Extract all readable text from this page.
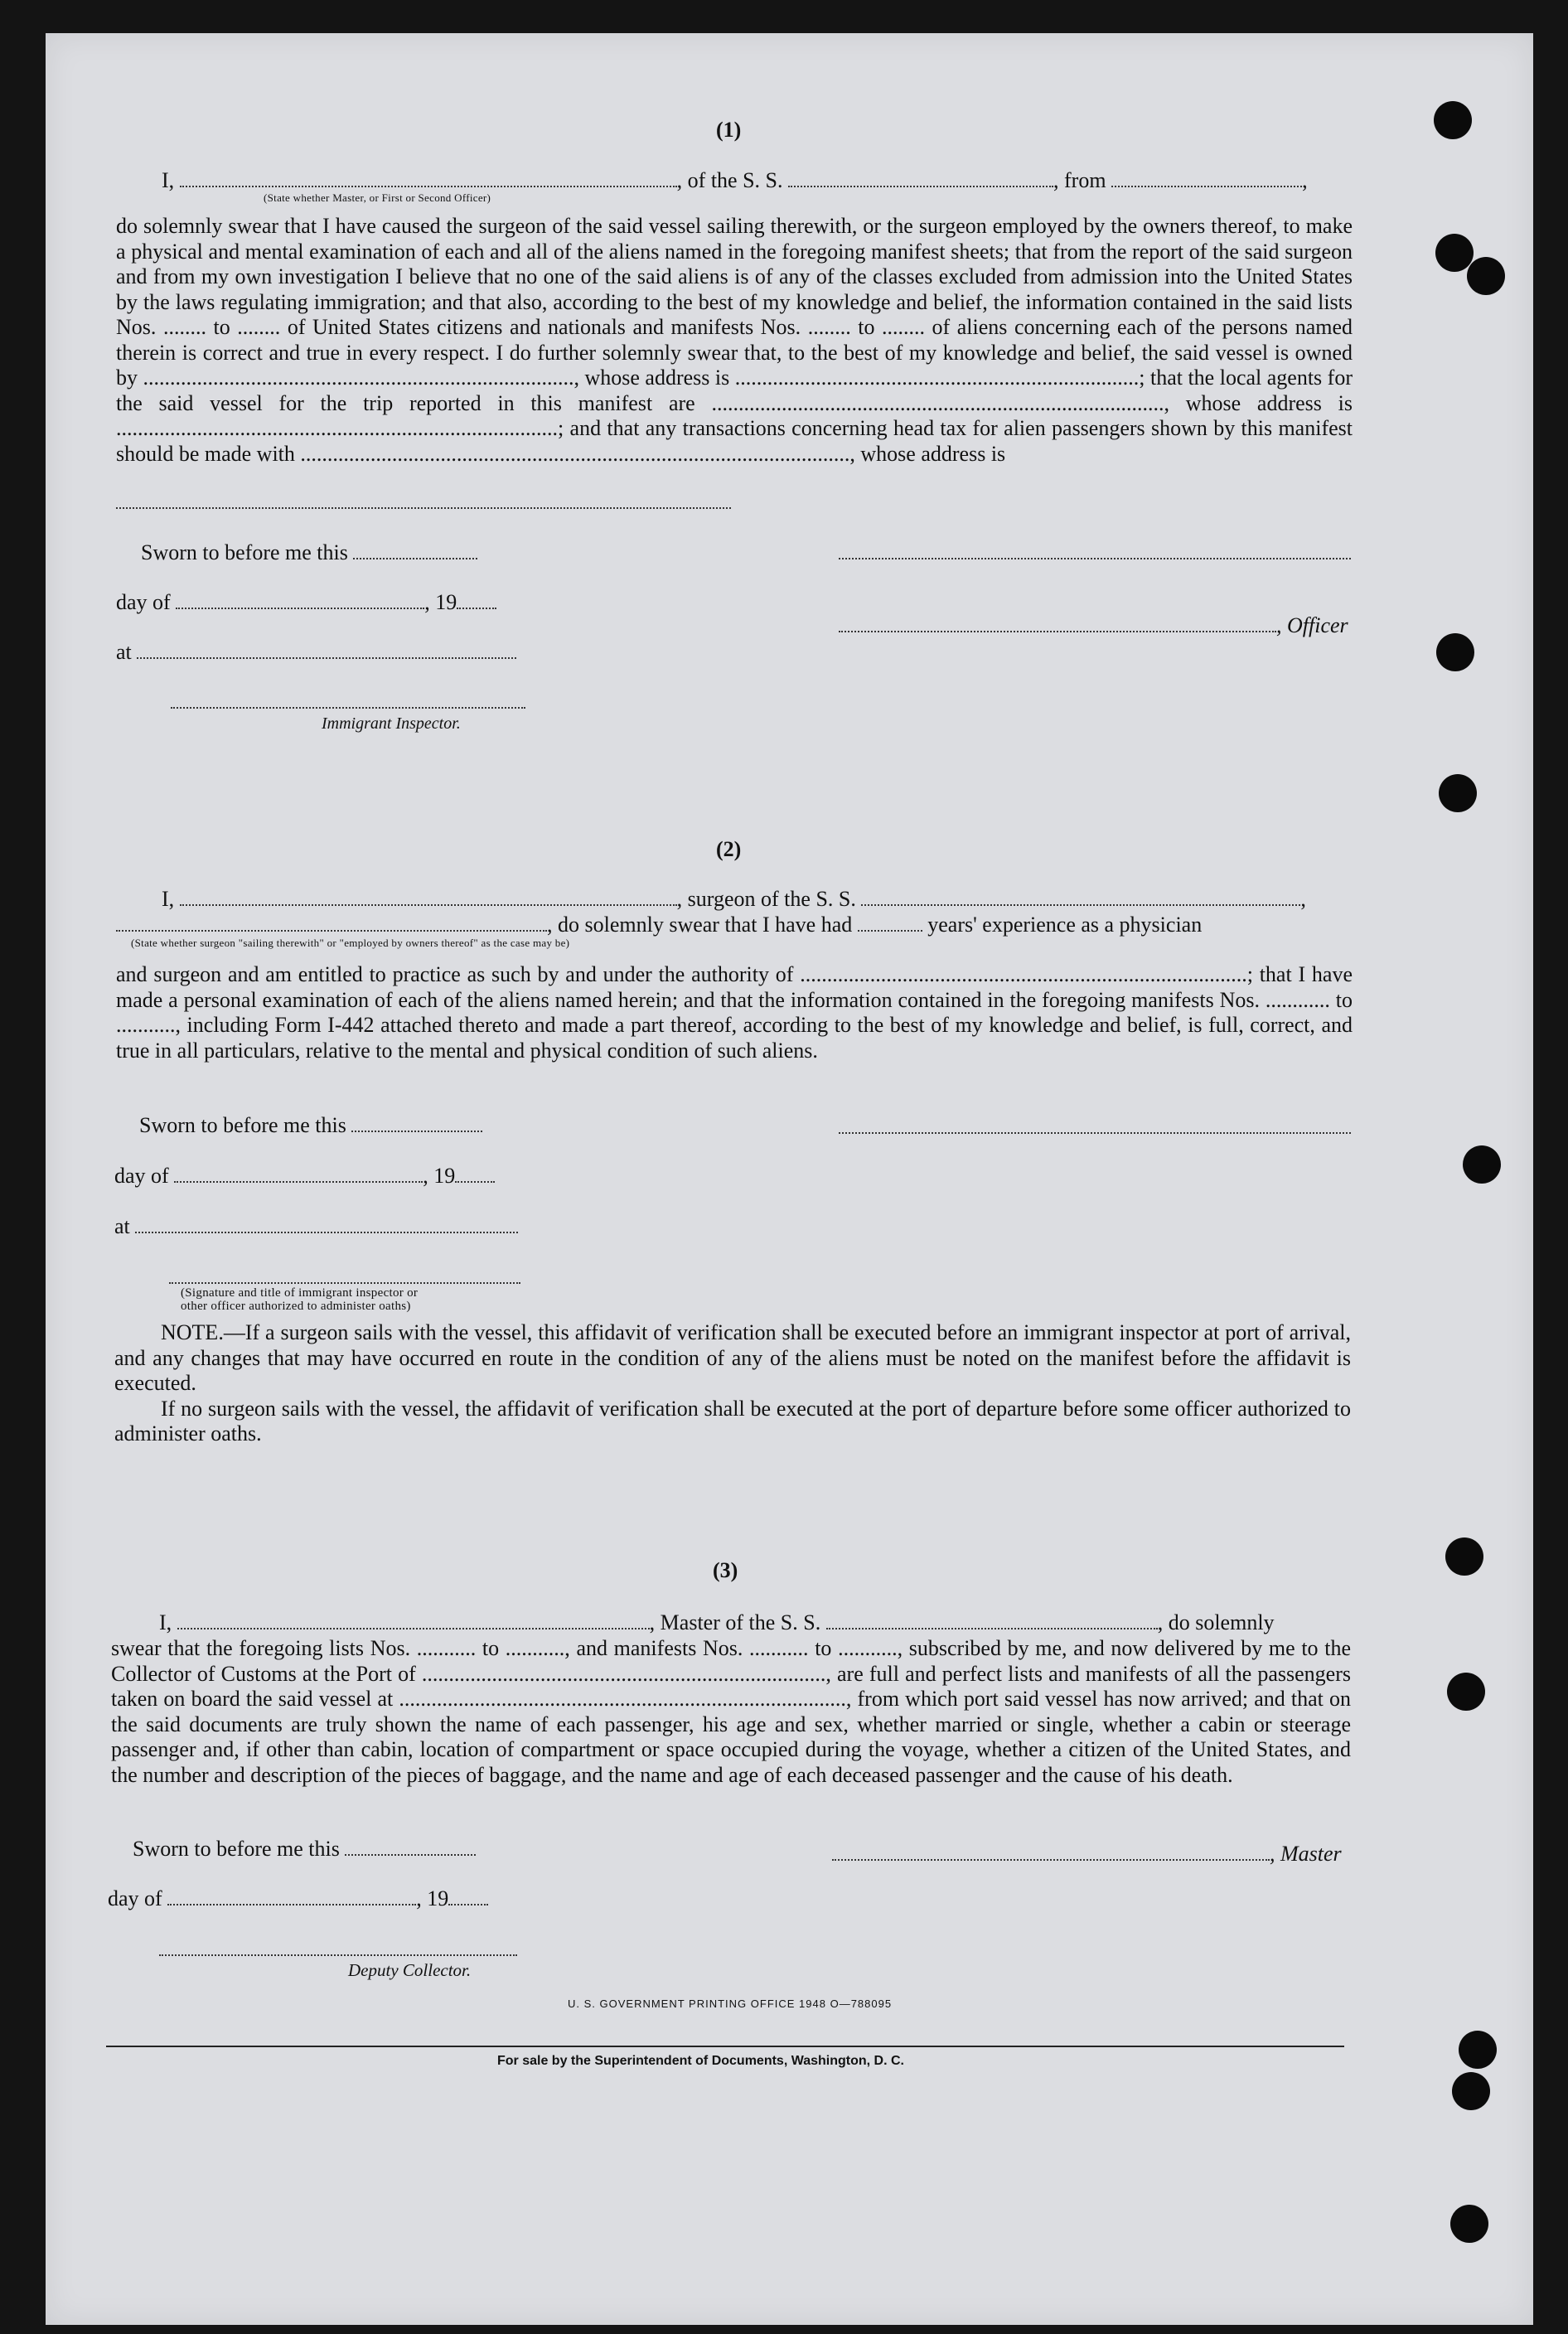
(1)
I,	, of the S. S.	, from	,
(State whether Master, or First or Second Officer)
do solemnly swear that I have caused the surgeon of the said vessel sailing therewith, or the surgeon employed by the owners thereof, to make a physical and mental examination of each and all of the aliens named in the foregoing manifest sheets; that from the report of the said surgeon and from my own investigation I believe that no one of the said aliens is of any of the classes excluded from admission into the United States by the laws regulating immigration; and that also, according to the best of my knowledge and belief, the information contained in the said lists Nos. ........ to ........ of United States citizens and nationals and manifests Nos. ........ to ........ of aliens concerning each of the persons named therein is correct and true in every respect. I do further solemnly swear that, to the best of my knowledge and belief, the said vessel is owned by ................................................................................, whose address is ...........................................................................; that the local agents for the said vessel for the trip reported in this manifest are ...................................................................................., whose address is ..................................................................................; and that any transactions concerning head tax for alien passengers shown by this manifest should be made with ......................................................................................................, whose address is
Sworn to before me this
day of	, 19
, Officer
at
Immigrant Inspector.
(2)
I,	, surgeon of the S. S.	,
, do solemnly swear that I have had	years' experience as a physician
(State whether surgeon "sailing therewith" or "employed by owners thereof" as the case may be)
and surgeon and am entitled to practice as such by and under the authority of ...................................................................................; that I have made a personal examination of each of the aliens named herein; and that the information contained in the foregoing manifests Nos. ............ to ..........., including Form I-442 attached thereto and made a part thereof, according to the best of my knowledge and belief, is full, correct, and true in all particulars, relative to the mental and physical condition of such aliens.
Sworn to before me this
day of	, 19
at
(Signature and title of immigrant inspector or
other officer authorized to administer oaths)
NOTE.—If a surgeon sails with the vessel, this affidavit of verification shall be executed before an immigrant inspector at port of arrival, and any changes that may have occurred en route in the condition of any of the aliens must be noted on the manifest before the affidavit is executed.
If no surgeon sails with the vessel, the affidavit of verification shall be executed at the port of departure before some officer authorized to administer oaths.
(3)
I,	, Master of the S. S.	, do solemnly
swear that the foregoing lists Nos. ........... to ..........., and manifests Nos. ........... to ..........., subscribed by me, and now delivered by me to the Collector of Customs at the Port of ..........................................................................., are full and perfect lists and manifests of all the passengers taken on board the said vessel at ..................................................................................., from which port said vessel has now arrived; and that on the said documents are truly shown the name of each passenger, his age and sex, whether married or single, whether a cabin or steerage passenger and, if other than cabin, location of compartment or space occupied during the voyage, whether a citizen of the United States, and the number and description of the pieces of baggage, and the name and age of each deceased passenger and the cause of his death.
Sworn to before me this	, Master
day of	, 19
Deputy Collector.
U. S. GOVERNMENT PRINTING OFFICE 1948 O—788095
For sale by the Superintendent of Documents, Washington, D. C.
